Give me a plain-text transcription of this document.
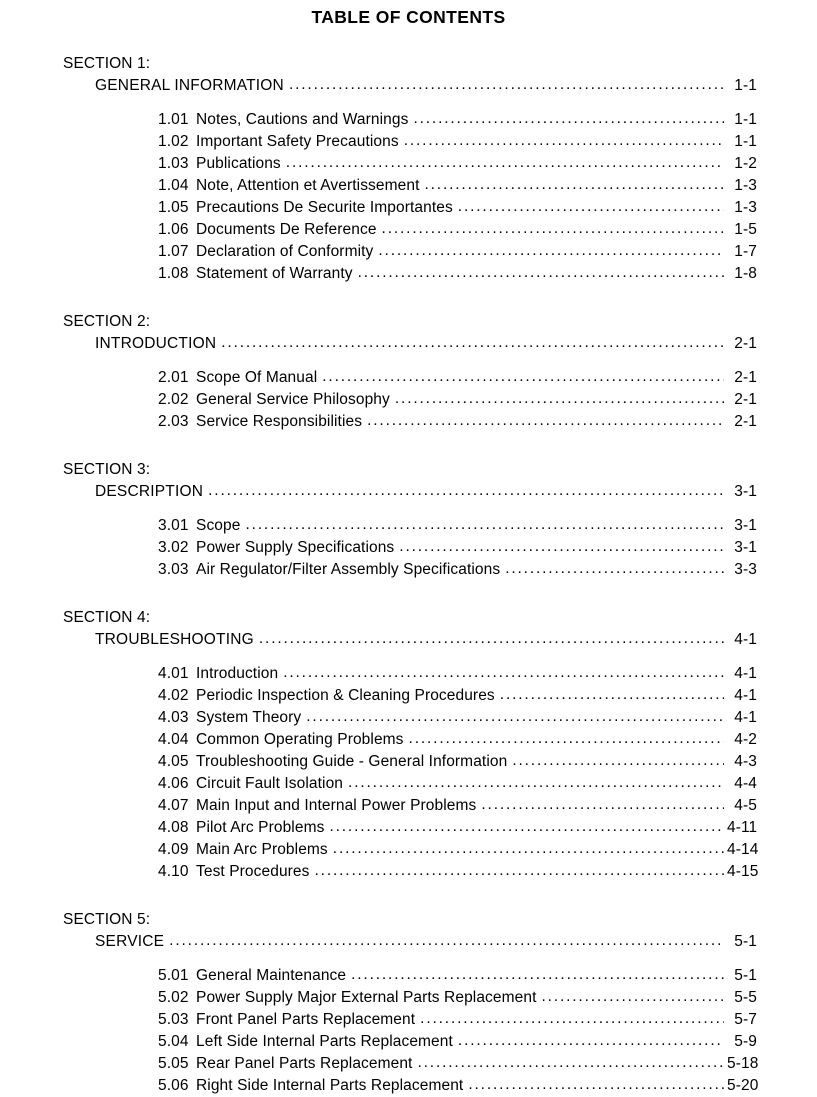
TABLE OF CONTENTS
SECTION 1:
GENERAL INFORMATION .....	1-1
1.01 Notes, Cautions and Warnings .....	1-1
1.02 Important Safety Precautions .....	1-1
1.03 Publications .....	1-2
1.04 Note, Attention et Avertissement .....	1-3
1.05 Precautions De Securite Importantes .....	1-3
1.06 Documents De Reference .....	1-5
1.07 Declaration of Conformity .....	1-7
1.08 Statement of Warranty .....	1-8
SECTION 2:
INTRODUCTION .....	2-1
2.01 Scope Of Manual .....	2-1
2.02 General Service Philosophy .....	2-1
2.03 Service Responsibilities .....	2-1
SECTION 3:
DESCRIPTION .....	3-1
3.01 Scope .....	3-1
3.02 Power Supply Specifications .....	3-1
3.03 Air Regulator/Filter Assembly Specifications .....	3-3
SECTION 4:
TROUBLESHOOTING .....	4-1
4.01 Introduction .....	4-1
4.02 Periodic Inspection & Cleaning Procedures .....	4-1
4.03 System Theory .....	4-1
4.04 Common Operating Problems .....	4-2
4.05 Troubleshooting Guide - General Information .....	4-3
4.06 Circuit Fault Isolation .....	4-4
4.07 Main Input and Internal Power Problems .....	4-5
4.08 Pilot Arc Problems .....	4-11
4.09 Main Arc Problems .....	4-14
4.10 Test Procedures .....	4-15
SECTION 5:
SERVICE .....	5-1
5.01 General Maintenance .....	5-1
5.02 Power Supply Major External Parts Replacement .....	5-5
5.03 Front Panel Parts Replacement .....	5-7
5.04 Left Side Internal Parts Replacement .....	5-9
5.05 Rear Panel Parts Replacement .....	5-18
5.06 Right Side Internal Parts Replacement .....	5-20
